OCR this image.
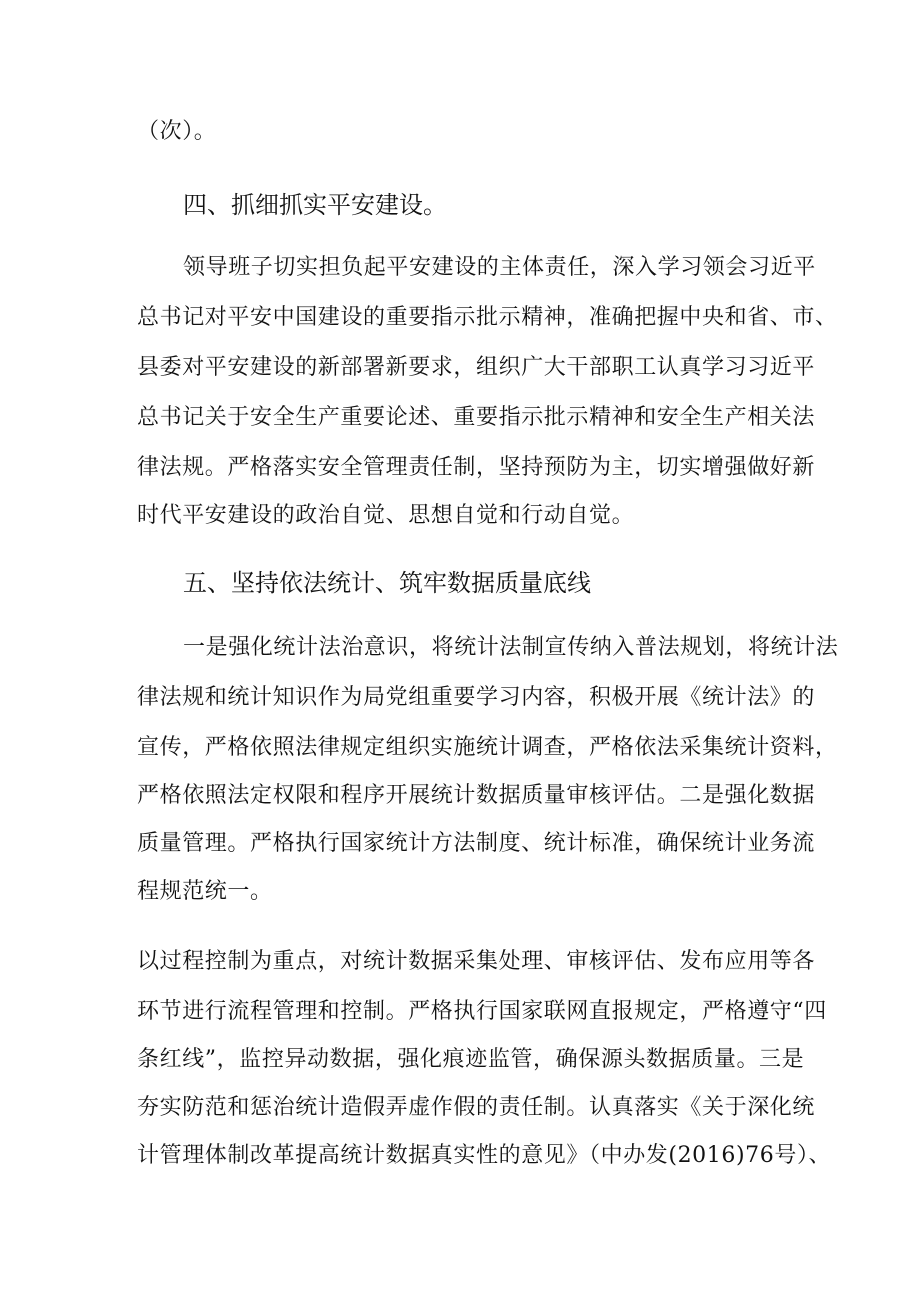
（次）。
四、抓细抓实平安建设。
领导班子切实担负起平安建设的主体责任，深入学习领会习近平
总书记对平安中国建设的重要指示批示精神，准确把握中央和省、市、
县委对平安建设的新部署新要求，组织广大干部职工认真学习习近平
总书记关于安全生产重要论述、重要指示批示精神和安全生产相关法
律法规。严格落实安全管理责任制，坚持预防为主，切实增强做好新
时代平安建设的政治自觉、思想自觉和行动自觉。
五、坚持依法统计、筑牢数据质量底线
一是强化统计法治意识，将统计法制宣传纳入普法规划，将统计法
律法规和统计知识作为局党组重要学习内容，积极开展《统计法》的
宣传，严格依照法律规定组织实施统计调查，严格依法采集统计资料，
严格依照法定权限和程序开展统计数据质量审核评估。二是强化数据
质量管理。严格执行国家统计方法制度、统计标准，确保统计业务流
程规范统一。
以过程控制为重点，对统计数据采集处理、审核评估、发布应用等各
环节进行流程管理和控制。严格执行国家联网直报规定，严格遵守“四
条红线”，监控异动数据，强化痕迹监管，确保源头数据质量。三是
夯实防范和惩治统计造假弄虚作假的责任制。认真落实《关于深化统
计管理体制改革提高统计数据真实性的意见》（中办发(2016)76号）、
